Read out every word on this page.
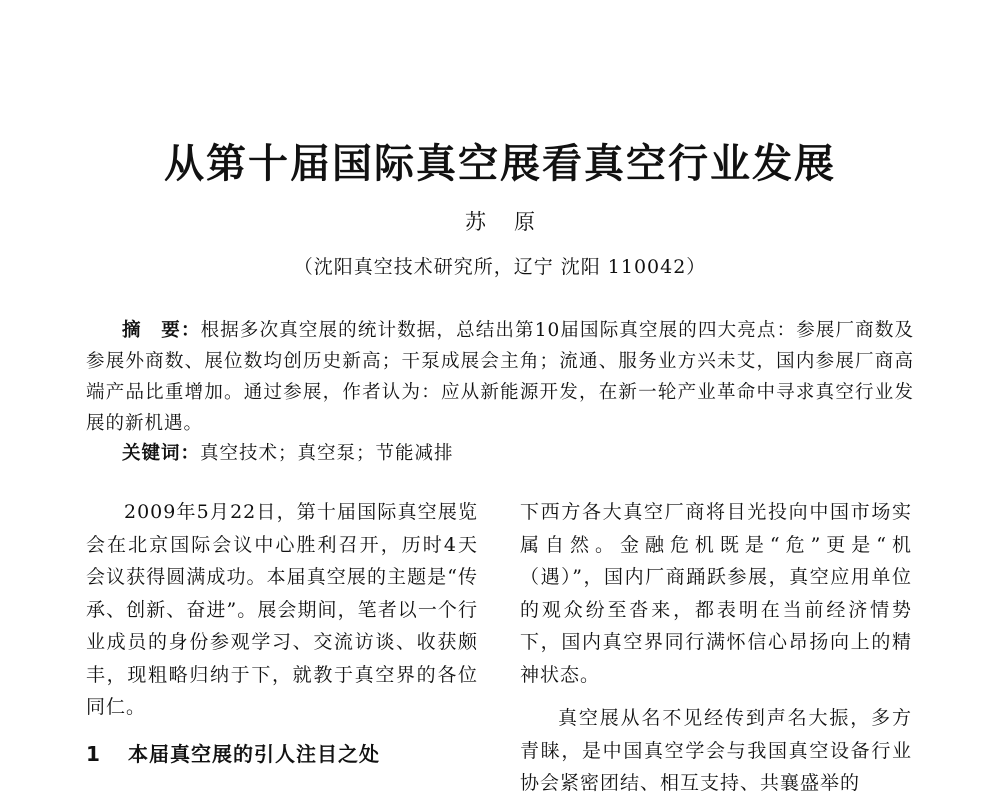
从第十届国际真空展看真空行业发展
苏原
（沈阳真空技术研究所，辽宁 沈阳 110042）

摘　要：根据多次真空展的统计数据，总结出第10届国际真空展的四大亮点：参展厂商数及参展外商数、展位数均创历史新高；干泵成展会主角；流通、服务业方兴未艾，国内参展厂商高端产品比重增加。通过参展，作者认为：应从新能源开发，在新一轮产业革命中寻求真空行业发展的新机遇。

关键词：真空技术；真空泵；节能减排

2009年5月22日，第十届国际真空展览会在北京国际会议中心胜利召开，历时4天会议获得圆满成功。本届真空展的主题是“传承、创新、奋进”。展会期间，笔者以一个行业成员的身份参观学习、交流访谈、收获颇丰，现粗略归纳于下，就教于真空界的各位同仁。

1 本届真空展的引人注目之处

下西方各大真空厂商将目光投向中国市场实属自然。金融危机既是“危”更是“机（遇）”，国内厂商踊跃参展，真空应用单位的观众纷至沓来，都表明在当前经济情势下，国内真空界同行满怀信心昂扬向上的精神状态。

真空展从名不见经传到声名大振，多方青睐，是中国真空学会与我国真空设备行业协会紧密团结、相互支持、共襄盛举的
